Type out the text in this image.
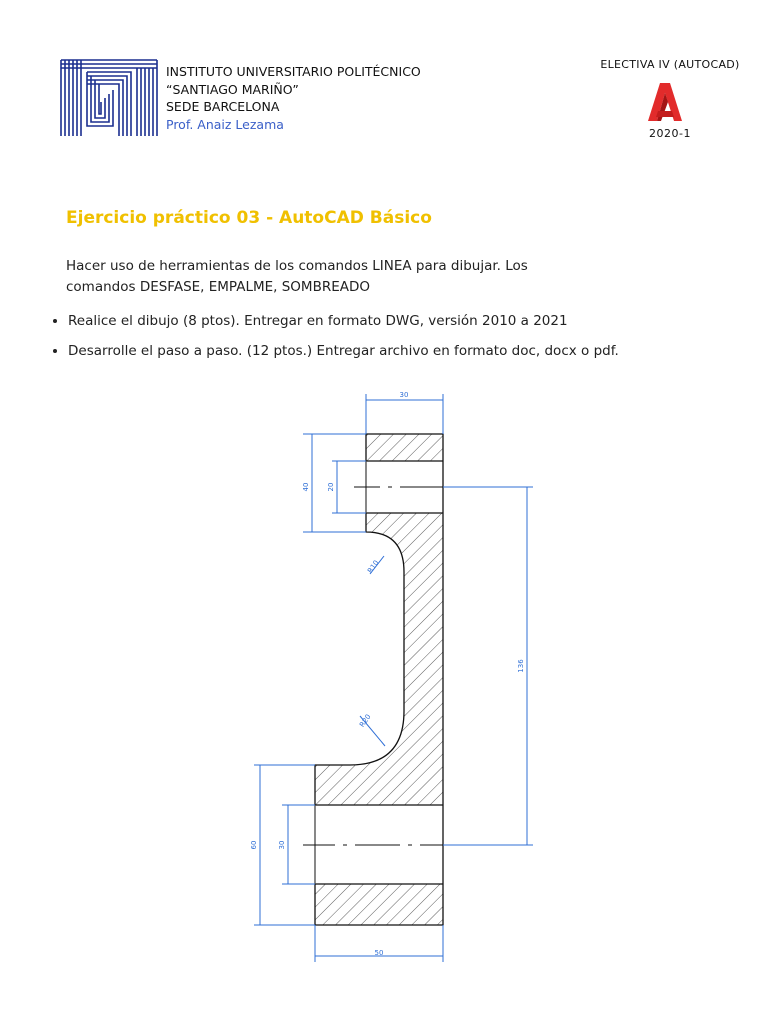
INSTITUTO UNIVERSITARIO POLITÉCNICO
“SANTIAGO MARIÑO”
SEDE BARCELONA
Prof. Anaiz Lezama
ELECTIVA IV (AUTOCAD)
2020-1
Ejercicio práctico 03 - AutoCAD Básico
Hacer uso de herramientas de los comandos LINEA para dibujar. Los
comandos DESFASE, EMPALME, SOMBREADO
• Realice el dibujo (8 ptos). Entregar en formato DWG, versión 2010 a 2021
• Desarrolle el paso a paso. (12 ptos.) Entregar archivo en formato doc, docx o pdf.
30
50
40 20
60	30
136
R10
R20
